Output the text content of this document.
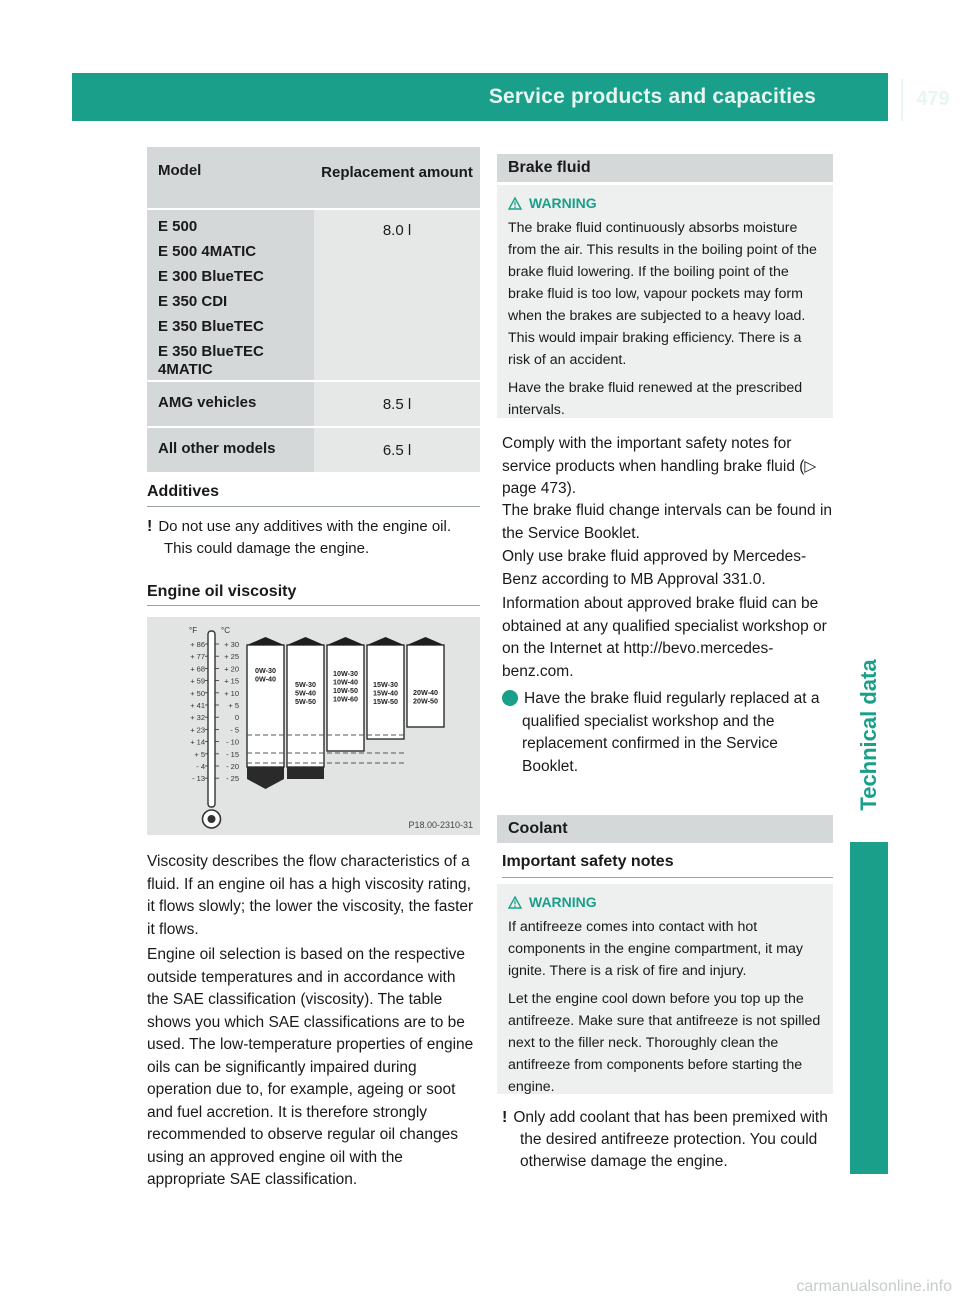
Service products and capacities	479
Technical data
Model	Replacement amount
E 500
E 500 4MATIC
E 300 BlueTEC
E 350 CDI
E 350 BlueTEC
E 350 BlueTEC 4MATIC
8.0 l
AMG vehicles	8.5 l
All other models	6.5 l
Additives
! Do not use any additives with the engine oil. This could damage the engine.
Engine oil viscosity
°F	°C
+ 86
+ 77
+ 68
+ 59
+ 50
+ 41
+ 32
+ 23
+ 14
+ 5
- 4
- 13
+ 30
+ 25
+ 20
+ 15
+ 10
+ 5
0
- 5
- 10
- 15
- 20
- 25
0W-30
0W-40
5W-30
5W-40
5W-50
10W-30
10W-40
10W-50
10W-60
15W-30
15W-40
15W-50
20W-40
20W-50
P18.00-2310-31
Viscosity describes the flow characteristics of a fluid. If an engine oil has a high viscosity rating, it flows slowly; the lower the viscosity, the faster it flows.
Engine oil selection is based on the respective outside temperatures and in accordance with the SAE classification (viscosity). The table shows you which SAE classifications are to be used. The low-temperature properties of engine oils can be significantly impaired during operation due to, for example, ageing or soot and fuel accretion. It is therefore strongly recommended to observe regular oil changes using an approved engine oil with the appropriate SAE classification.
Brake fluid
WARNING
The brake fluid continuously absorbs moisture from the air. This results in the boiling point of the brake fluid lowering. If the boiling point of the brake fluid is too low, vapour pockets may form when the brakes are subjected to a heavy load. This would impair braking efficiency. There is a risk of an accident.
Have the brake fluid renewed at the prescribed intervals.
Comply with the important safety notes for service products when handling brake fluid (▷ page 473).
The brake fluid change intervals can be found in the Service Booklet.
Only use brake fluid approved by Mercedes-Benz according to MB Approval 331.0.
Information about approved brake fluid can be obtained at any qualified specialist workshop or on the Internet at http://bevo.mercedes-benz.com.
i Have the brake fluid regularly replaced at a qualified specialist workshop and the replacement confirmed in the Service Booklet.
Coolant
Important safety notes
WARNING
If antifreeze comes into contact with hot components in the engine compartment, it may ignite. There is a risk of fire and injury.
Let the engine cool down before you top up the antifreeze. Make sure that antifreeze is not spilled next to the filler neck. Thoroughly clean the antifreeze from components before starting the engine.
! Only add coolant that has been premixed with the desired antifreeze protection. You could otherwise damage the engine.
carmanualsonline.info
